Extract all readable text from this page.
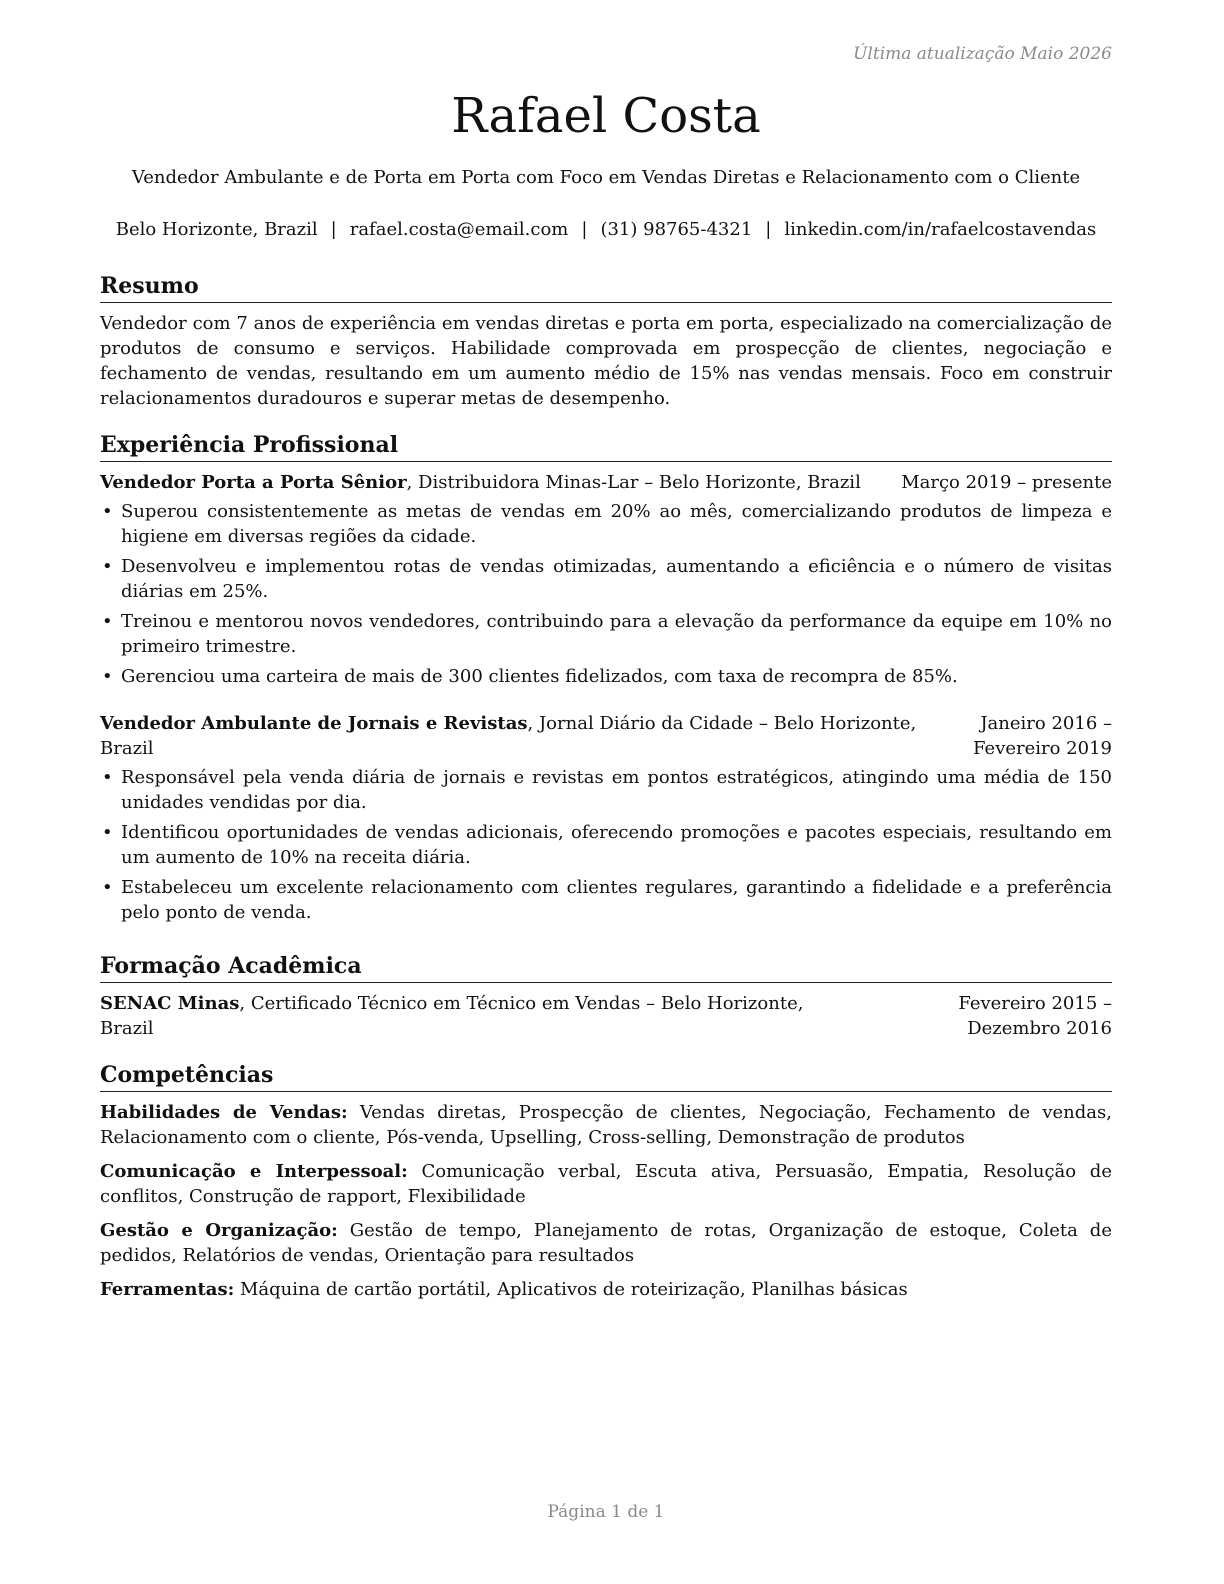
Última atualização Maio 2026
Rafael Costa
Vendedor Ambulante e de Porta em Porta com Foco em Vendas Diretas e Relacionamento com o Cliente
Belo Horizonte, Brazil | rafael.costa@email.com | (31) 98765-4321 | linkedin.com/in/rafaelcostavendas
Resumo
Vendedor com 7 anos de experiência em vendas diretas e porta em porta, especializado na comercialização de produtos de consumo e serviços. Habilidade comprovada em prospecção de clientes, negociação e fechamento de vendas, resultando em um aumento médio de 15% nas vendas mensais. Foco em construir relacionamentos duradouros e superar metas de desempenho.
Experiência Profissional
Vendedor Porta a Porta Sênior, Distribuidora Minas-Lar – Belo Horizonte, Brazil	Março 2019 – presente
• Superou consistentemente as metas de vendas em 20% ao mês, comercializando produtos de limpeza e higiene em diversas regiões da cidade.
• Desenvolveu e implementou rotas de vendas otimizadas, aumentando a eficiência e o número de visitas diárias em 25%.
• Treinou e mentorou novos vendedores, contribuindo para a elevação da performance da equipe em 10% no primeiro trimestre.
• Gerenciou uma carteira de mais de 300 clientes fidelizados, com taxa de recompra de 85%.
Vendedor Ambulante de Jornais e Revistas, Jornal Diário da Cidade – Belo Horizonte, Brazil
Janeiro 2016 – Fevereiro 2019
• Responsável pela venda diária de jornais e revistas em pontos estratégicos, atingindo uma média de 150 unidades vendidas por dia.
• Identificou oportunidades de vendas adicionais, oferecendo promoções e pacotes especiais, resultando em um aumento de 10% na receita diária.
• Estabeleceu um excelente relacionamento com clientes regulares, garantindo a fidelidade e a preferência pelo ponto de venda.
Formação Acadêmica
SENAC Minas, Certificado Técnico em Técnico em Vendas – Belo Horizonte, Brazil
Fevereiro 2015 – Dezembro 2016
Competências
Habilidades de Vendas: Vendas diretas, Prospecção de clientes, Negociação, Fechamento de vendas, Relacionamento com o cliente, Pós-venda, Upselling, Cross-selling, Demonstração de produtos
Comunicação e Interpessoal: Comunicação verbal, Escuta ativa, Persuasão, Empatia, Resolução de conflitos, Construção de rapport, Flexibilidade
Gestão e Organização: Gestão de tempo, Planejamento de rotas, Organização de estoque, Coleta de pedidos, Relatórios de vendas, Orientação para resultados
Ferramentas: Máquina de cartão portátil, Aplicativos de roteirização, Planilhas básicas
Página 1 de 1
